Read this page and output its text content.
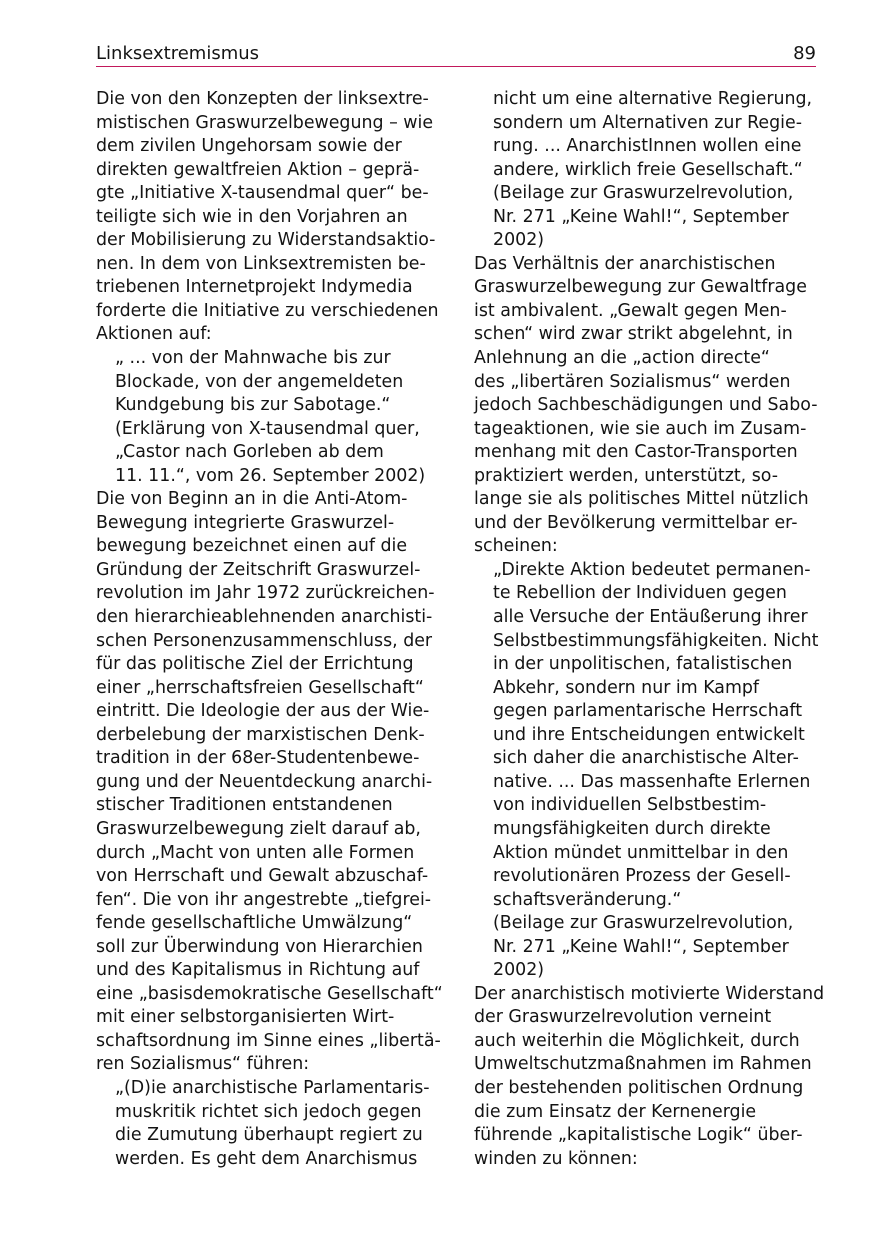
Linksextremismus	89
Die von den Konzepten der linksextre-
mistischen Graswurzelbewegung – wie
dem zivilen Ungehorsam sowie der
direkten gewaltfreien Aktion – geprä-
gte „Initiative X-tausendmal quer“ be-
teiligte sich wie in den Vorjahren an
der Mobilisierung zu Widerstandsaktio-
nen. In dem von Linksextremisten be-
triebenen Internetprojekt Indymedia
forderte die Initiative zu verschiedenen
Aktionen auf:
„ ... von der Mahnwache bis zur
Blockade, von der angemeldeten
Kundgebung bis zur Sabotage.“
(Erklärung von X-tausendmal quer,
„Castor nach Gorleben ab dem
11. 11.“, vom 26. September 2002)
Die von Beginn an in die Anti-Atom-
Bewegung integrierte Graswurzel-
bewegung bezeichnet einen auf die
Gründung der Zeitschrift Graswurzel-
revolution im Jahr 1972 zurückreichen-
den hierarchieablehnenden anarchisti-
schen Personenzusammenschluss, der
für das politische Ziel der Errichtung
einer „herrschaftsfreien Gesellschaft“
eintritt. Die Ideologie der aus der Wie-
derbelebung der marxistischen Denk-
tradition in der 68er-Studentenbewe-
gung und der Neuentdeckung anarchi-
stischer Traditionen entstandenen
Graswurzelbewegung zielt darauf ab,
durch „Macht von unten alle Formen
von Herrschaft und Gewalt abzuschaf-
fen“. Die von ihr angestrebte „tiefgrei-
fende gesellschaftliche Umwälzung“
soll zur Überwindung von Hierarchien
und des Kapitalismus in Richtung auf
eine „basisdemokratische Gesellschaft“
mit einer selbstorganisierten Wirt-
schaftsordnung im Sinne eines „libertä-
ren Sozialismus“ führen:
„(D)ie anarchistische Parlamentaris-
muskritik richtet sich jedoch gegen
die Zumutung überhaupt regiert zu
werden. Es geht dem Anarchismus
nicht um eine alternative Regierung,
sondern um Alternativen zur Regie-
rung. ... AnarchistInnen wollen eine
andere, wirklich freie Gesellschaft.“
(Beilage zur Graswurzelrevolution,
Nr. 271 „Keine Wahl!“, September
2002)
Das Verhältnis der anarchistischen
Graswurzelbewegung zur Gewaltfrage
ist ambivalent. „Gewalt gegen Men-
schen“ wird zwar strikt abgelehnt, in
Anlehnung an die „action directe“
des „libertären Sozialismus“ werden
jedoch Sachbeschädigungen und Sabo-
tageaktionen, wie sie auch im Zusam-
menhang mit den Castor-Transporten
praktiziert werden, unterstützt, so-
lange sie als politisches Mittel nützlich
und der Bevölkerung vermittelbar er-
scheinen:
„Direkte Aktion bedeutet permanen-
te Rebellion der Individuen gegen
alle Versuche der Entäußerung ihrer
Selbstbestimmungsfähigkeiten. Nicht
in der unpolitischen, fatalistischen
Abkehr, sondern nur im Kampf
gegen parlamentarische Herrschaft
und ihre Entscheidungen entwickelt
sich daher die anarchistische Alter-
native. ... Das massenhafte Erlernen
von individuellen Selbstbestim-
mungsfähigkeiten durch direkte
Aktion mündet unmittelbar in den
revolutionären Prozess der Gesell-
schaftsveränderung.“
(Beilage zur Graswurzelrevolution,
Nr. 271 „Keine Wahl!“, September
2002)
Der anarchistisch motivierte Widerstand
der Graswurzelrevolution verneint
auch weiterhin die Möglichkeit, durch
Umweltschutzmaßnahmen im Rahmen
der bestehenden politischen Ordnung
die zum Einsatz der Kernenergie
führende „kapitalistische Logik“ über-
winden zu können:
